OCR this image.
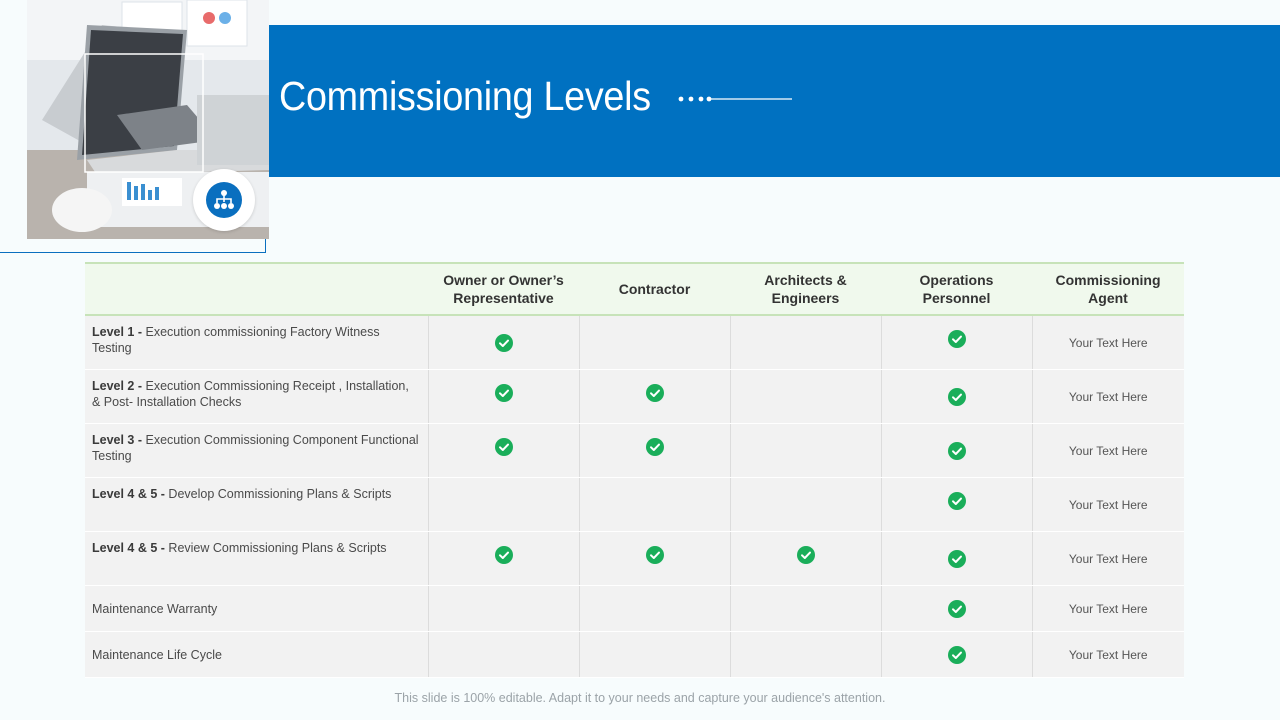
Commissioning Levels
	Owner or Owner’s Representative	Contractor	Architects & Engineers	Operations Personnel	Commissioning Agent
Level 1 - Execution commissioning Factory Witness Testing					Your Text Here
Level 2 - Execution Commissioning Receipt , Installation, & Post- Installation Checks					Your Text Here
Level 3 - Execution Commissioning Component Functional Testing					Your Text Here
Level 4 & 5 - Develop Commissioning Plans & Scripts					Your Text Here
Level 4 & 5 - Review Commissioning Plans & Scripts					Your Text Here
Maintenance Warranty					Your Text Here
Maintenance Life Cycle					Your Text Here
This slide is 100% editable. Adapt it to your needs and capture your audience's attention.
